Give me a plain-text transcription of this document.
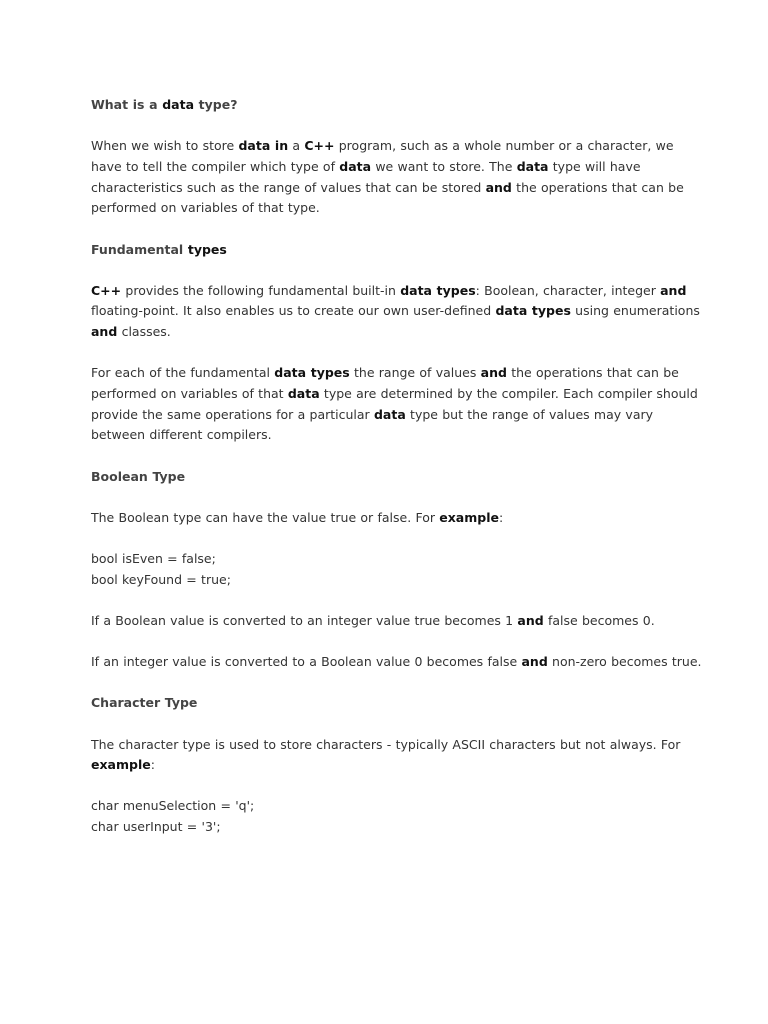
What is a data type?

When we wish to store data in a C++ program, such as a whole number or a character, we have to tell the compiler which type of data we want to store. The data type will have characteristics such as the range of values that can be stored and the operations that can be performed on variables of that type.

Fundamental types

C++ provides the following fundamental built-in data types: Boolean, character, integer and floating-point. It also enables us to create our own user-defined data types using enumerations and classes.

For each of the fundamental data types the range of values and the operations that can be performed on variables of that data type are determined by the compiler. Each compiler should provide the same operations for a particular data type but the range of values may vary between different compilers.

Boolean Type

The Boolean type can have the value true or false. For example:

bool isEven = false;
bool keyFound = true;

If a Boolean value is converted to an integer value true becomes 1 and false becomes 0.

If an integer value is converted to a Boolean value 0 becomes false and non-zero becomes true.

Character Type

The character type is used to store characters - typically ASCII characters but not always. For example:

char menuSelection = 'q';
char userInput = '3';
